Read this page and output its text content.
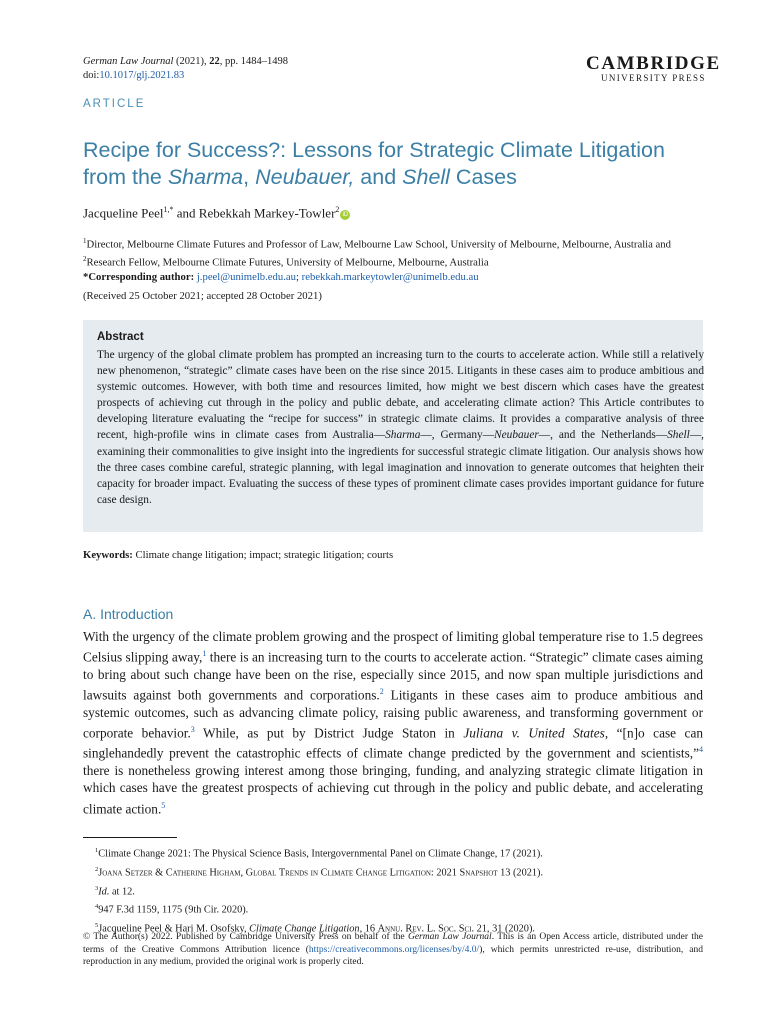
German Law Journal (2021), 22, pp. 1484–1498
doi:10.1017/glj.2021.83
CAMBRIDGE
UNIVERSITY PRESS
ARTICLE
Recipe for Success?: Lessons for Strategic Climate Litigation from the Sharma, Neubauer, and Shell Cases
Jacqueline Peel$^{1,*}$ and Rebekkah Markey-Towler$^2$iD
$^1$Director, Melbourne Climate Futures and Professor of Law, Melbourne Law School, University of Melbourne, Melbourne, Australia and $^2$Research Fellow, Melbourne Climate Futures, University of Melbourne, Melbourne, Australia
*Corresponding author: j.peel@unimelb.edu.au; rebekkah.markeytowler@unimelb.edu.au
(Received 25 October 2021; accepted 28 October 2021)
Abstract
The urgency of the global climate problem has prompted an increasing turn to the courts to accelerate action. While still a relatively new phenomenon, “strategic” climate cases have been on the rise since 2015. Litigants in these cases aim to produce ambitious and systemic outcomes. However, with both time and resources limited, how might we best discern which cases have the greatest prospects of achieving cut through in the policy and public debate, and accelerating climate action? This Article contributes to developing literature evaluating the “recipe for success” in strategic climate claims. It provides a comparative analysis of three recent, high-profile wins in climate cases from Australia—Sharma—, Germany—Neubauer—, and the Netherlands—Shell—, examining their commonalities to give insight into the ingredients for successful strategic climate litigation. Our analysis shows how the three cases combine careful, strategic planning, with legal imagination and innovation to generate outcomes that heighten their capacity for broader impact. Evaluating the success of these types of prominent climate cases provides important guidance for future case design.
Keywords: Climate change litigation; impact; strategic litigation; courts
A. Introduction
With the urgency of the climate problem growing and the prospect of limiting global temperature rise to 1.5 degrees Celsius slipping away,$^1$ there is an increasing turn to the courts to accelerate action. “Strategic” climate cases aiming to bring about such change have been on the rise, especially since 2015, and now span multiple jurisdictions and lawsuits against both governments and corporations.$^2$ Litigants in these cases aim to produce ambitious and systemic outcomes, such as advancing climate policy, raising public awareness, and transforming government or corporate behavior.$^3$ While, as put by District Judge Staton in Juliana v. United States, “[n]o case can singlehandedly prevent the catastrophic effects of climate change predicted by the government and scientists,”$^4$ there is nonetheless growing interest among those bringing, funding, and analyzing strategic climate litigation in which cases have the greatest prospects of achieving cut through in the policy and public debate, and accelerating climate action.$^5$
$^1$Climate Change 2021: The Physical Science Basis, Intergovernmental Panel on Climate Change, 17 (2021).
$^2$Joana Setzer & Catherine Higham, Global Trends in Climate Change Litigation: 2021 Snapshot 13 (2021).
$^3$Id. at 12.
$^4$947 F.3d 1159, 1175 (9th Cir. 2020).
$^5$Jacqueline Peel & Hari M. Osofsky, Climate Change Litigation, 16 Annu. Rev. L. Soc. Sci. 21, 31 (2020).
© The Author(s) 2022. Published by Cambridge University Press on behalf of the German Law Journal. This is an Open Access article, distributed under the terms of the Creative Commons Attribution licence (https://creativecommons.org/licenses/by/4.0/), which permits unrestricted re-use, distribution, and reproduction in any medium, provided the original work is properly cited.
